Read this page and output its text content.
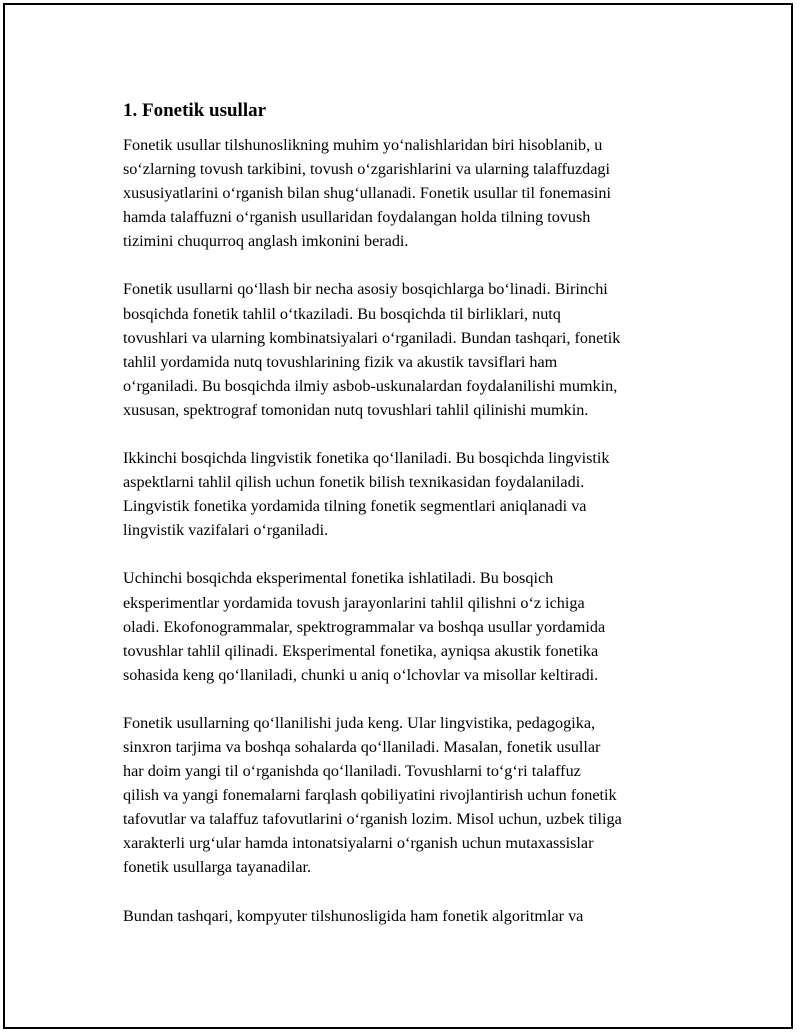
1. Fonetik usullar
Fonetik usullar tilshunoslikning muhim yo‘nalishlaridan biri hisoblanib, u
so‘zlarning tovush tarkibini, tovush o‘zgarishlarini va ularning talaffuzdagi
xususiyatlarini o‘rganish bilan shug‘ullanadi. Fonetik usullar til fonemasini
hamda talaffuzni o‘rganish usullaridan foydalangan holda tilning tovush
tizimini chuqurroq anglash imkonini beradi.
Fonetik usullarni qo‘llash bir necha asosiy bosqichlarga bo‘linadi. Birinchi
bosqichda fonetik tahlil o‘tkaziladi. Bu bosqichda til birliklari, nutq
tovushlari va ularning kombinatsiyalari o‘rganiladi. Bundan tashqari, fonetik
tahlil yordamida nutq tovushlarining fizik va akustik tavsiflari ham
o‘rganiladi. Bu bosqichda ilmiy asbob-uskunalardan foydalanilishi mumkin,
xususan, spektrograf tomonidan nutq tovushlari tahlil qilinishi mumkin.
Ikkinchi bosqichda lingvistik fonetika qo‘llaniladi. Bu bosqichda lingvistik
aspektlarni tahlil qilish uchun fonetik bilish texnikasidan foydalaniladi.
Lingvistik fonetika yordamida tilning fonetik segmentlari aniqlanadi va
lingvistik vazifalari o‘rganiladi.
Uchinchi bosqichda eksperimental fonetika ishlatiladi. Bu bosqich
eksperimentlar yordamida tovush jarayonlarini tahlil qilishni o‘z ichiga
oladi. Ekofonogrammalar, spektrogrammalar va boshqa usullar yordamida
tovushlar tahlil qilinadi. Eksperimental fonetika, ayniqsa akustik fonetika
sohasida keng qo‘llaniladi, chunki u aniq o‘lchovlar va misollar keltiradi.
Fonetik usullarning qo‘llanilishi juda keng. Ular lingvistika, pedagogika,
sinxron tarjima va boshqa sohalarda qo‘llaniladi. Masalan, fonetik usullar
har doim yangi til o‘rganishda qo‘llaniladi. Tovushlarni to‘g‘ri talaffuz
qilish va yangi fonemalarni farqlash qobiliyatini rivojlantirish uchun fonetik
tafovutlar va talaffuz tafovutlarini o‘rganish lozim. Misol uchun, uzbek tiliga
xarakterli urg‘ular hamda intonatsiyalarni o‘rganish uchun mutaxassislar
fonetik usullarga tayanadilar.
Bundan tashqari, kompyuter tilshunosligida ham fonetik algoritmlar va
